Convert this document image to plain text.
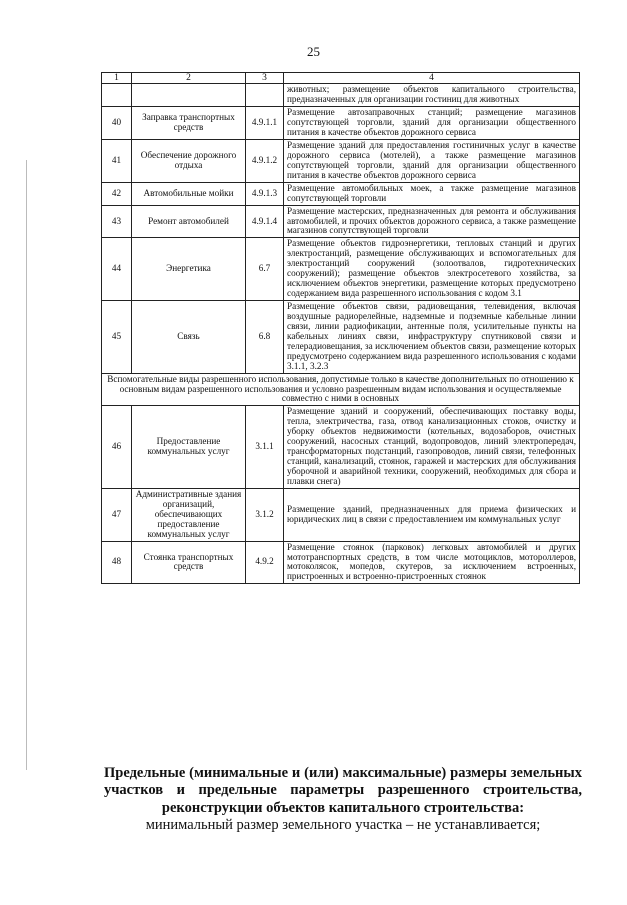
25
1	2	3	4
			животных; размещение объектов капитального строительства, предназначенных для организации гостиниц для животных
40	Заправка транспортных средств	4.9.1.1	Размещение автозаправочных станций; размещение магазинов сопутствующей торговли, зданий для организации общественного питания в качестве объектов дорожного сервиса
41	Обеспечение дорожного отдыха	4.9.1.2	Размещение зданий для предоставления гостиничных услуг в качестве дорожного сервиса (мотелей), а также размещение магазинов сопутствующей торговли, зданий для организации общественного питания в качестве объектов дорожного сервиса
42	Автомобильные мойки	4.9.1.3	Размещение автомобильных моек, а также размещение магазинов сопутствующей торговли
43	Ремонт автомобилей	4.9.1.4	Размещение мастерских, предназначенных для ремонта и обслуживания автомобилей, и прочих объектов дорожного сервиса, а также размещение магазинов сопутствующей торговли
44	Энергетика	6.7	Размещение объектов гидроэнергетики, тепловых станций и других электростанций, размещение обслуживающих и вспомогательных для электростанций сооружений (золоотвалов, гидротехнических сооружений); размещение объектов электросетевого хозяйства, за исключением объектов энергетики, размещение которых предусмотрено содержанием вида разрешенного использования с кодом 3.1
45	Связь	6.8	Размещение объектов связи, радиовещания, телевидения, включая воздушные радиорелейные, надземные и подземные кабельные линии связи, линии радиофикации, антенные поля, усилительные пункты на кабельных линиях связи, инфраструктуру спутниковой связи и телерадиовещания, за исключением объектов связи, размещение которых предусмотрено содержанием вида разрешенного использования с кодами 3.1.1, 3.2.3
Вспомогательные виды разрешенного использования, допустимые только в качестве дополнительных по отношению к основным видам разрешенного использования и условно разрешенным видам использования и осуществляемые совместно с ними в основных			
46	Предоставление коммунальных услуг	3.1.1	Размещение зданий и сооружений, обеспечивающих поставку воды, тепла, электричества, газа, отвод канализационных стоков, очистку и уборку объектов недвижимости (котельных, водозаборов, очистных сооружений, насосных станций, водопроводов, линий электропередач, трансформаторных подстанций, газопроводов, линий связи, телефонных станций, канализаций, стоянок, гаражей и мастерских для обслуживания уборочной и аварийной техники, сооружений, необходимых для сбора и плавки снега)
47	Административные здания организаций, обеспечивающих предоставление коммунальных услуг	3.1.2	Размещение зданий, предназначенных для приема физических и юридических лиц в связи с предоставлением им коммунальных услуг
48	Стоянка транспортных средств	4.9.2	Размещение стоянок (парковок) легковых автомобилей и других мототранспортных средств, в том числе мотоциклов, мотороллеров, мотоколясок, мопедов, скутеров, за исключением встроенных, пристроенных и встроенно-пристроенных стоянок
Предельные (минимальные и (или) максимальные) размеры земельных участков и предельные параметры разрешенного строительства, реконструкции объектов капитального строительства:
минимальный размер земельного участка – не устанавливается;
